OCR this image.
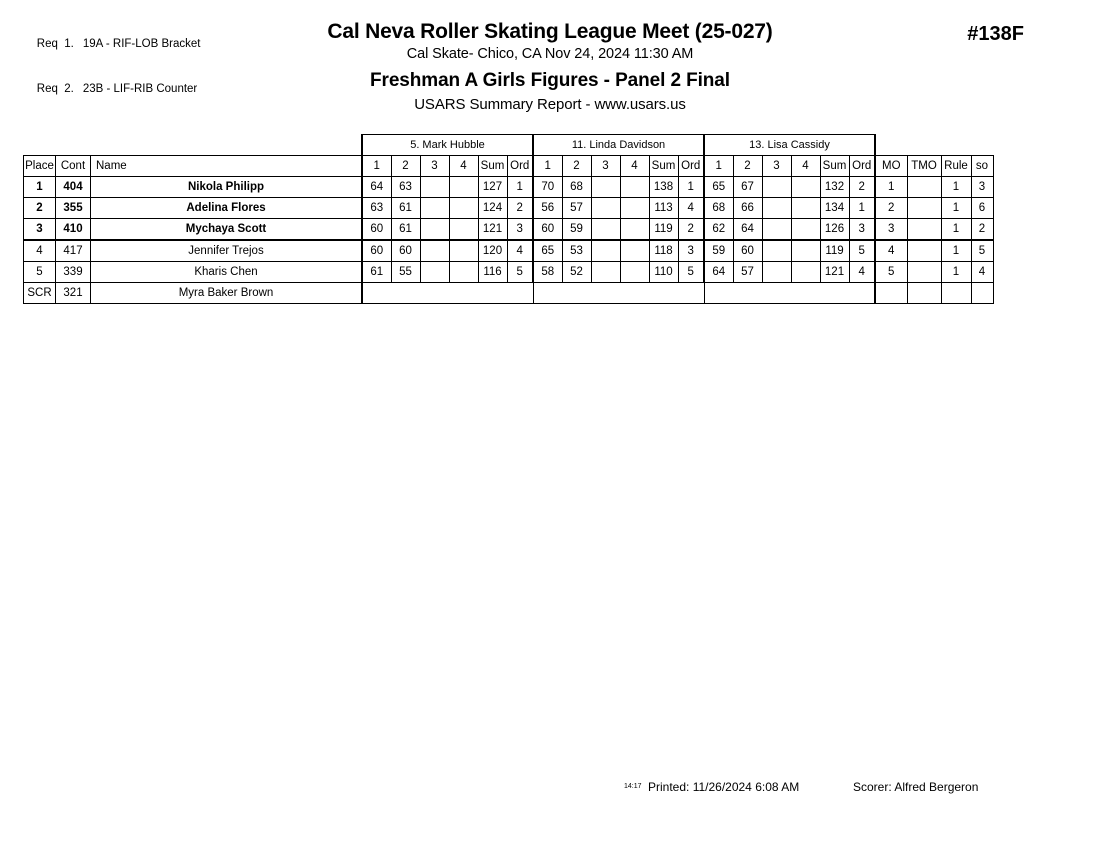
Req  1. 19A - RIF-LOB Bracket

Req  2. 23B - LIF-RIB Counter

Cal Neva Roller Skating League Meet (25-027)
Cal Skate- Chico, CA Nov 24, 2024 11:30 AM
Freshman A Girls Figures - Panel 2 Final
USARS Summary Report - www.usars.us
#138F
			5. Mark Hubble						11. Linda Davidson						13. Lisa Cassidy									
Place	Cont	Name	1	2	3	4	Sum	Ord	1	2	3	4	Sum	Ord	1	2	3	4	Sum	Ord	MO	TMO	Rule	so
1	404	Nikola Philipp	64	63			127	1	70	68			138	1	65	67			132	2	1		1	3
2	355	Adelina Flores	63	61			124	2	56	57			113	4	68	66			134	1	2		1	6
3	410	Mychaya Scott	60	61			121	3	60	59			119	2	62	64			126	3	3		1	2
4	417	Jennifer Trejos	60	60			120	4	65	53			118	3	59	60			119	5	4		1	5
5	339	Kharis Chen	61	55			116	5	58	52			110	5	64	57			121	4	5		1	4
SCR	321	Myra Baker Brown																						
14:17 Printed: 11/26/2024 6:08 AM	Scorer: Alfred Bergeron
